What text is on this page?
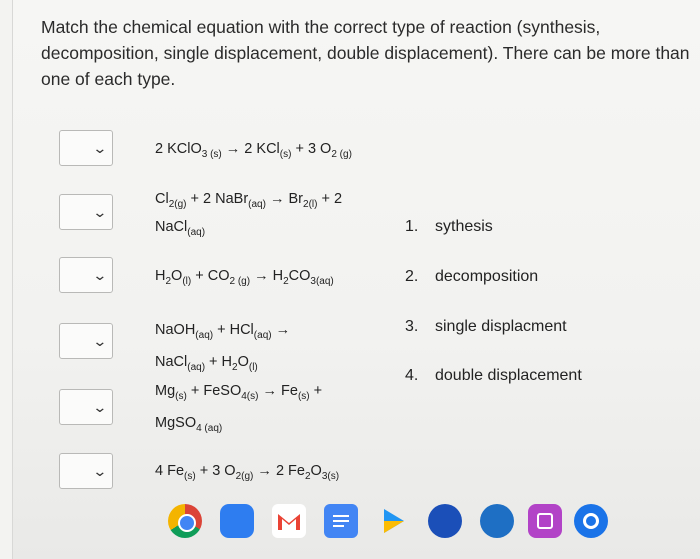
Match the chemical equation with the correct type of reaction (synthesis, decomposition, single displacement, double displacement). There can be more than one of each type.
⌄
⌄
⌄
⌄
⌄
⌄
2 KClO$_{3 (s)}$ → 2 KCl$_{(s)}$ + 3 $O_{2 (g)}$
$Cl_{2(g)} + 2$ NaBr$_{(aq)}$ → $Br_{2(l)} + 2$
NaCl$_{(aq)}$
$H_2O_{(l)} + CO_{2 (g)} \to H_2CO_{3(aq)}$
NaOH$_{(aq)}$ + HCl$_{(aq)}$ →
NaCl$_{(aq)}$ + $H_2O_{(l)}$
$Mg_{(s)}$ + FeSO$_{4(s)}$ → $Fe_{(s)}$ +
MgSO$_{4 (aq)}$
4 $Fe_{(s)} + 3$ $O_{2(g)} \to 2$ $Fe_2O_{3(s)}$
1. sythesis
2. decomposition
3. single displacment
4. double displacement
